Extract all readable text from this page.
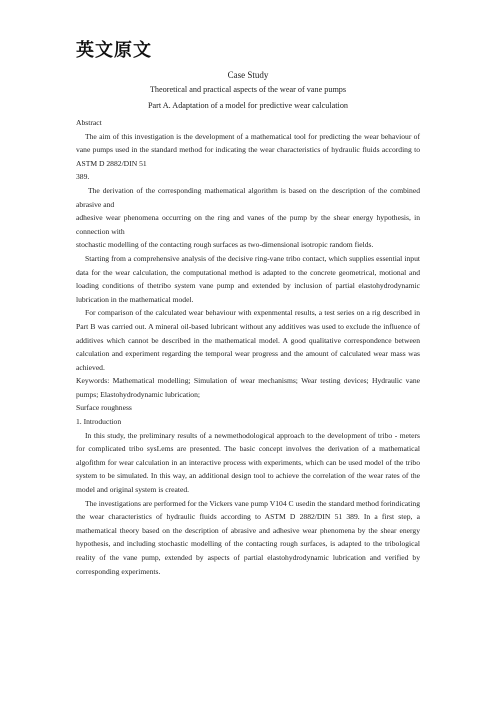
英文原文

Case Study

Theoretical and practical aspects of the wear of vane pumps

Part A. Adaptation of a model for predictive wear calculation

Abstract

The aim of this investigation is the development of a mathematical tool for predicting the wear behaviour of vane pumps used in the standard method for indicating the wear characteristics of hydraulic fluids according to ASTM D 2882/DIN 51

389.

The derivation of the corresponding mathematical algorithm is based on the description of the combined abrasive and

adhesive wear phenomena occurring on the ring and vanes of the pump by the shear energy hypothesis, in connection with

stochastic modelling of the contacting rough surfaces as two-dimensional isotropic random fields.

Starting from a comprehensive analysis of the decisive ring-vane tribo contact, which supplies essential input data for the wear calculation, the computational method is adapted to the concrete geometrical, motional and loading conditions of thetribo system vane pump and extended by inclusion of partial elastohydrodynamic lubrication in the mathematical model.

For comparison of the calculated wear behaviour with expenmental results, a test series on a rig described in Part B was carried out. A mineral oil-based lubricant without any additives was used to exclude the influence of additives which cannot be described in the mathematical model. A good qualitative correspondence between calculation and experiment regarding the temporal wear progress and the amount of calculated wear mass was achieved.

Keywords: Mathematical modelling; Simulation of wear mechanisms; Wear testing devices; Hydraulic vane pumps; Elastohydrodynamic lubrication;

Surface roughness

1. Introduction

In this study, the preliminary results of a newmethodological approach to the development of tribo - meters for complicated tribo sysLems are presented. The basic concept involves the derivation of a mathematical algofithm for wear calculation in an interactive process with experiments, which can be used model of the tribo system to be simulated. In this way, an additional design tool to achieve the correlation of the wear rates of the model and original system is created.

The investigations are performed for the Vickers vane pump V104 C usedin the standard method forindicating the wear characteristics of hydraulic fluids according to ASTM D 2882/DIN 51 389. In a first step, a mathematical theory based on the description of abrasive and adhesive wear phenomena by the shear energy hypothesis, and including stochastic modelling of the contacting rough surfaces, is adapted to the tribological reality of the vane pump, extended by aspects of partial elastohydrodynamic lubrication and verified by corresponding experiments.
